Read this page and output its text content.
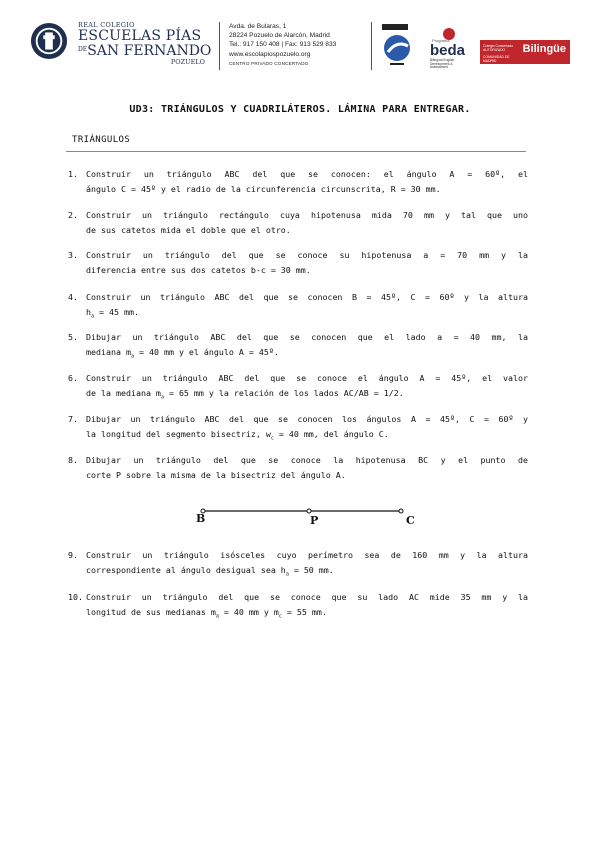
REAL COLEGIO
ESCUELAS PÍAS
$^{DE}$SAN FERNANDO
POZUELO
Avda. de Bularas, 1
28224 Pozuelo de Alarcón. Madrid
Tel.: 917 150 408 | Fax: 913 529 833
www.escolapiospozuelo.org
CENTRO PRIVADO CONCERTADO
Programa
beda
Bilingual English Development & Assessment
Colegio Concertado AUTORIZADO
COMUNIDAD DE MADRID
Bilingüe
UD3: TRIÁNGULOS Y CUADRILÁTEROS. LÁMINA PARA ENTREGAR.
TRIÁNGULOS
1. Construir un triángulo ABC del que se conocen: el ángulo A = 60º, el
ángulo C = 45º y el radio de la circunferencia circunscrita, R = 30 mm.
2. Construir un triángulo rectángulo cuya hipotenusa mida 70 mm y tal que uno
de sus catetos mida el doble que el otro.
3. Construir un triángulo del que se conoce su hipotenusa a = 70 mm y la
diferencia entre sus dos catetos b-c = 30 mm.
4. Construir un triángulo ABC del que se conocen B = 45º, C = 60º y la altura
$h_a = 45$ mm.
5. Dibujar un triángulo ABC del que se conocen que el lado a = 40 mm, la
mediana $m_a = 40$ mm y el ángulo A = 45º.
6. Construir un triángulo ABC del que se conoce el ángulo A = 45º, el valor
de la mediana $m_a = 65$ mm y la relación de los lados AC/AB = 1/2.
7. Dibujar un triángulo ABC del que se conocen los ángulos A = 45º, C = 60º y
la longitud del segmento bisectriz, $w_c = 40$ mm, del ángulo C.
8. Dibujar un triángulo del que se conoce la hipotenusa BC y el punto de
corte P sobre la misma de la bisectriz del ángulo A.
B	P	C
9. Construir un triángulo isósceles cuyo perímetro sea de 160 mm y la altura
correspondiente al ángulo desigual sea $h_a = 50$ mm.
10. Construir un triángulo del que se conoce que su lado AC mide 35 mm y la
longitud de sus medianas $m_a = 40$ mm y $m_c = 55$ mm.
